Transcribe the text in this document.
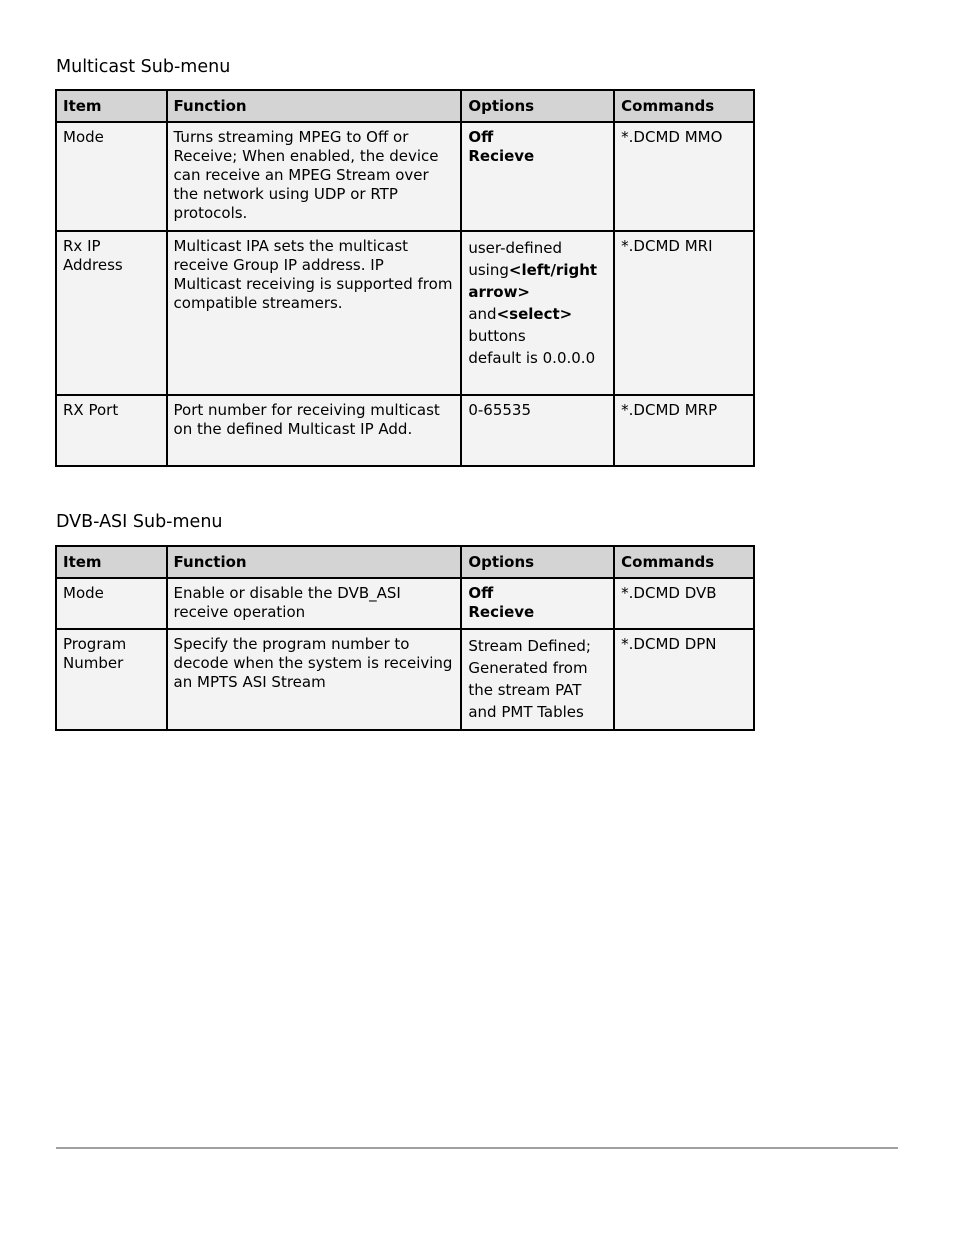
Multicast Sub-menu
Item	Function	Options	Commands
Mode	Turns streaming MPEG to Off or Receive; When enabled, the device can receive an MPEG Stream over the network using UDP or RTP protocols.	Off
Recieve	*.DCMD MMO
Rx IP Address	Multicast IPA sets the multicast receive Group IP address. IP Multicast receiving is supported from compatible streamers.	user-defined
using<left/right arrow>
and<select>
buttons
default is 0.0.0.0	*.DCMD MRI
RX Port	Port number for receiving multicast on the defined Multicast IP Add.	0-65535	*.DCMD MRP
DVB-ASI Sub-menu
Item	Function	Options	Commands
Mode	Enable or disable the DVB_ASI receive operation	Off
Recieve	*.DCMD DVB
Program Number	Specify the program number to decode when the system is receiving an MPTS ASI Stream	Stream Defined;
Generated from
the stream PAT
and PMT Tables	*.DCMD DPN
